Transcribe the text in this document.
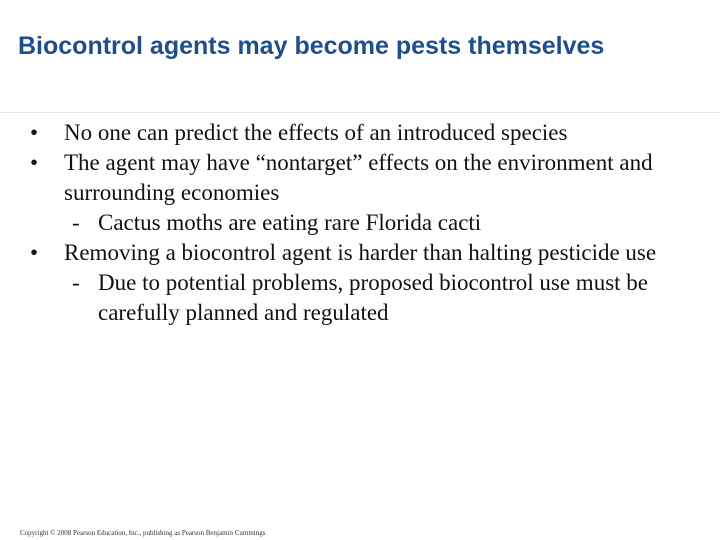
Biocontrol agents may become pests themselves
•	No one can predict the effects of an introduced species
•	The agent may have “nontarget” effects on the environment and surrounding economies
- Cactus moths are eating rare Florida cacti
•	Removing a biocontrol agent is harder than halting pesticide use
- Due to potential problems, proposed biocontrol use must be carefully planned and regulated
Copyright © 2008 Pearson Education, Inc., publishing as Pearson Benjamin Cummings
